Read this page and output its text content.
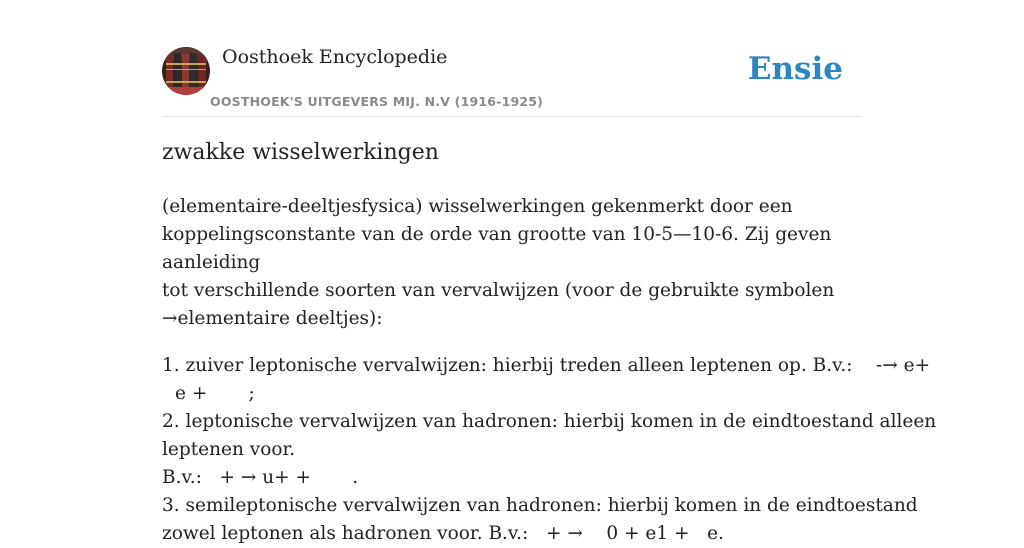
Oosthoek Encyclopedie
OOSTHOEK'S UITGEVERS MIJ. N.V (1916-1925)
Ensie
zwakke wisselwerkingen

(elementaire-deeltjesfysica) wisselwerkingen gekenmerkt door een
koppelingsconstante van de orde van grootte van 10-5—10-6. Zij geven aanleiding
tot verschillende soorten van vervalwijzen (voor de gebruikte symbolen
→elementaire deeltjes):

1. zuiver leptonische vervalwijzen: hierbij treden alleen leptenen op. B.v.:    -→ e+

e +       ;

2. leptonische vervalwijzen van hadronen: hierbij komen in de eindtoestand alleen

leptenen voor.

B.v.:   + → u+ +       .

3. semileptonische vervalwijzen van hadronen: hierbij komen in de eindtoestand

zowel leptonen als hadronen voor. B.v.:   + →    0 + e1 +   e.
